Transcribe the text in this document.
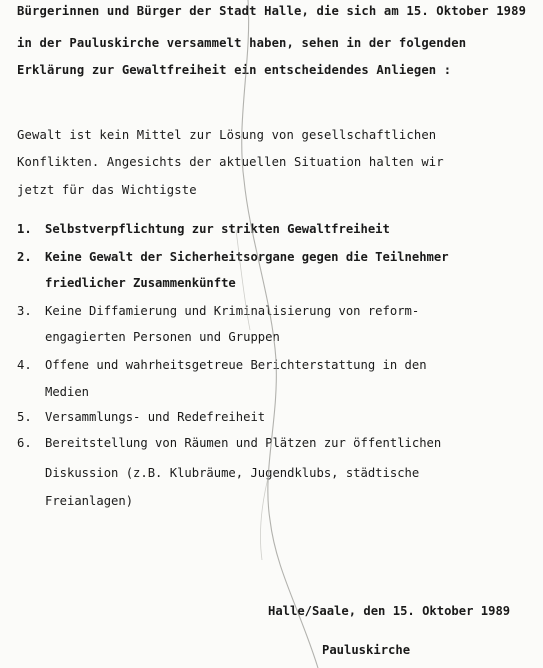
Bürgerinnen und Bürger der Stadt Halle, die sich am 15. Oktober 1989
in der Pauluskirche versammelt haben, sehen in der folgenden
Erklärung zur Gewaltfreiheit ein entscheidendes Anliegen :
Gewalt ist kein Mittel zur Lösung von gesellschaftlichen
Konflikten. Angesichts der aktuellen Situation halten wir
jetzt für das Wichtigste
1. Selbstverpflichtung zur strikten Gewaltfreiheit
2. Keine Gewalt der Sicherheitsorgane gegen die Teilnehmer
friedlicher Zusammenkünfte
3. Keine Diffamierung und Kriminalisierung von reform-
engagierten Personen und Gruppen
4. Offene und wahrheitsgetreue Berichterstattung in den
Medien
5. Versammlungs- und Redefreiheit
6. Bereitstellung von Räumen und Plätzen zur öffentlichen
Diskussion (z.B. Klubräume, Jugendklubs, städtische
Freianlagen)
Halle/Saale, den 15. Oktober 1989
Pauluskirche
